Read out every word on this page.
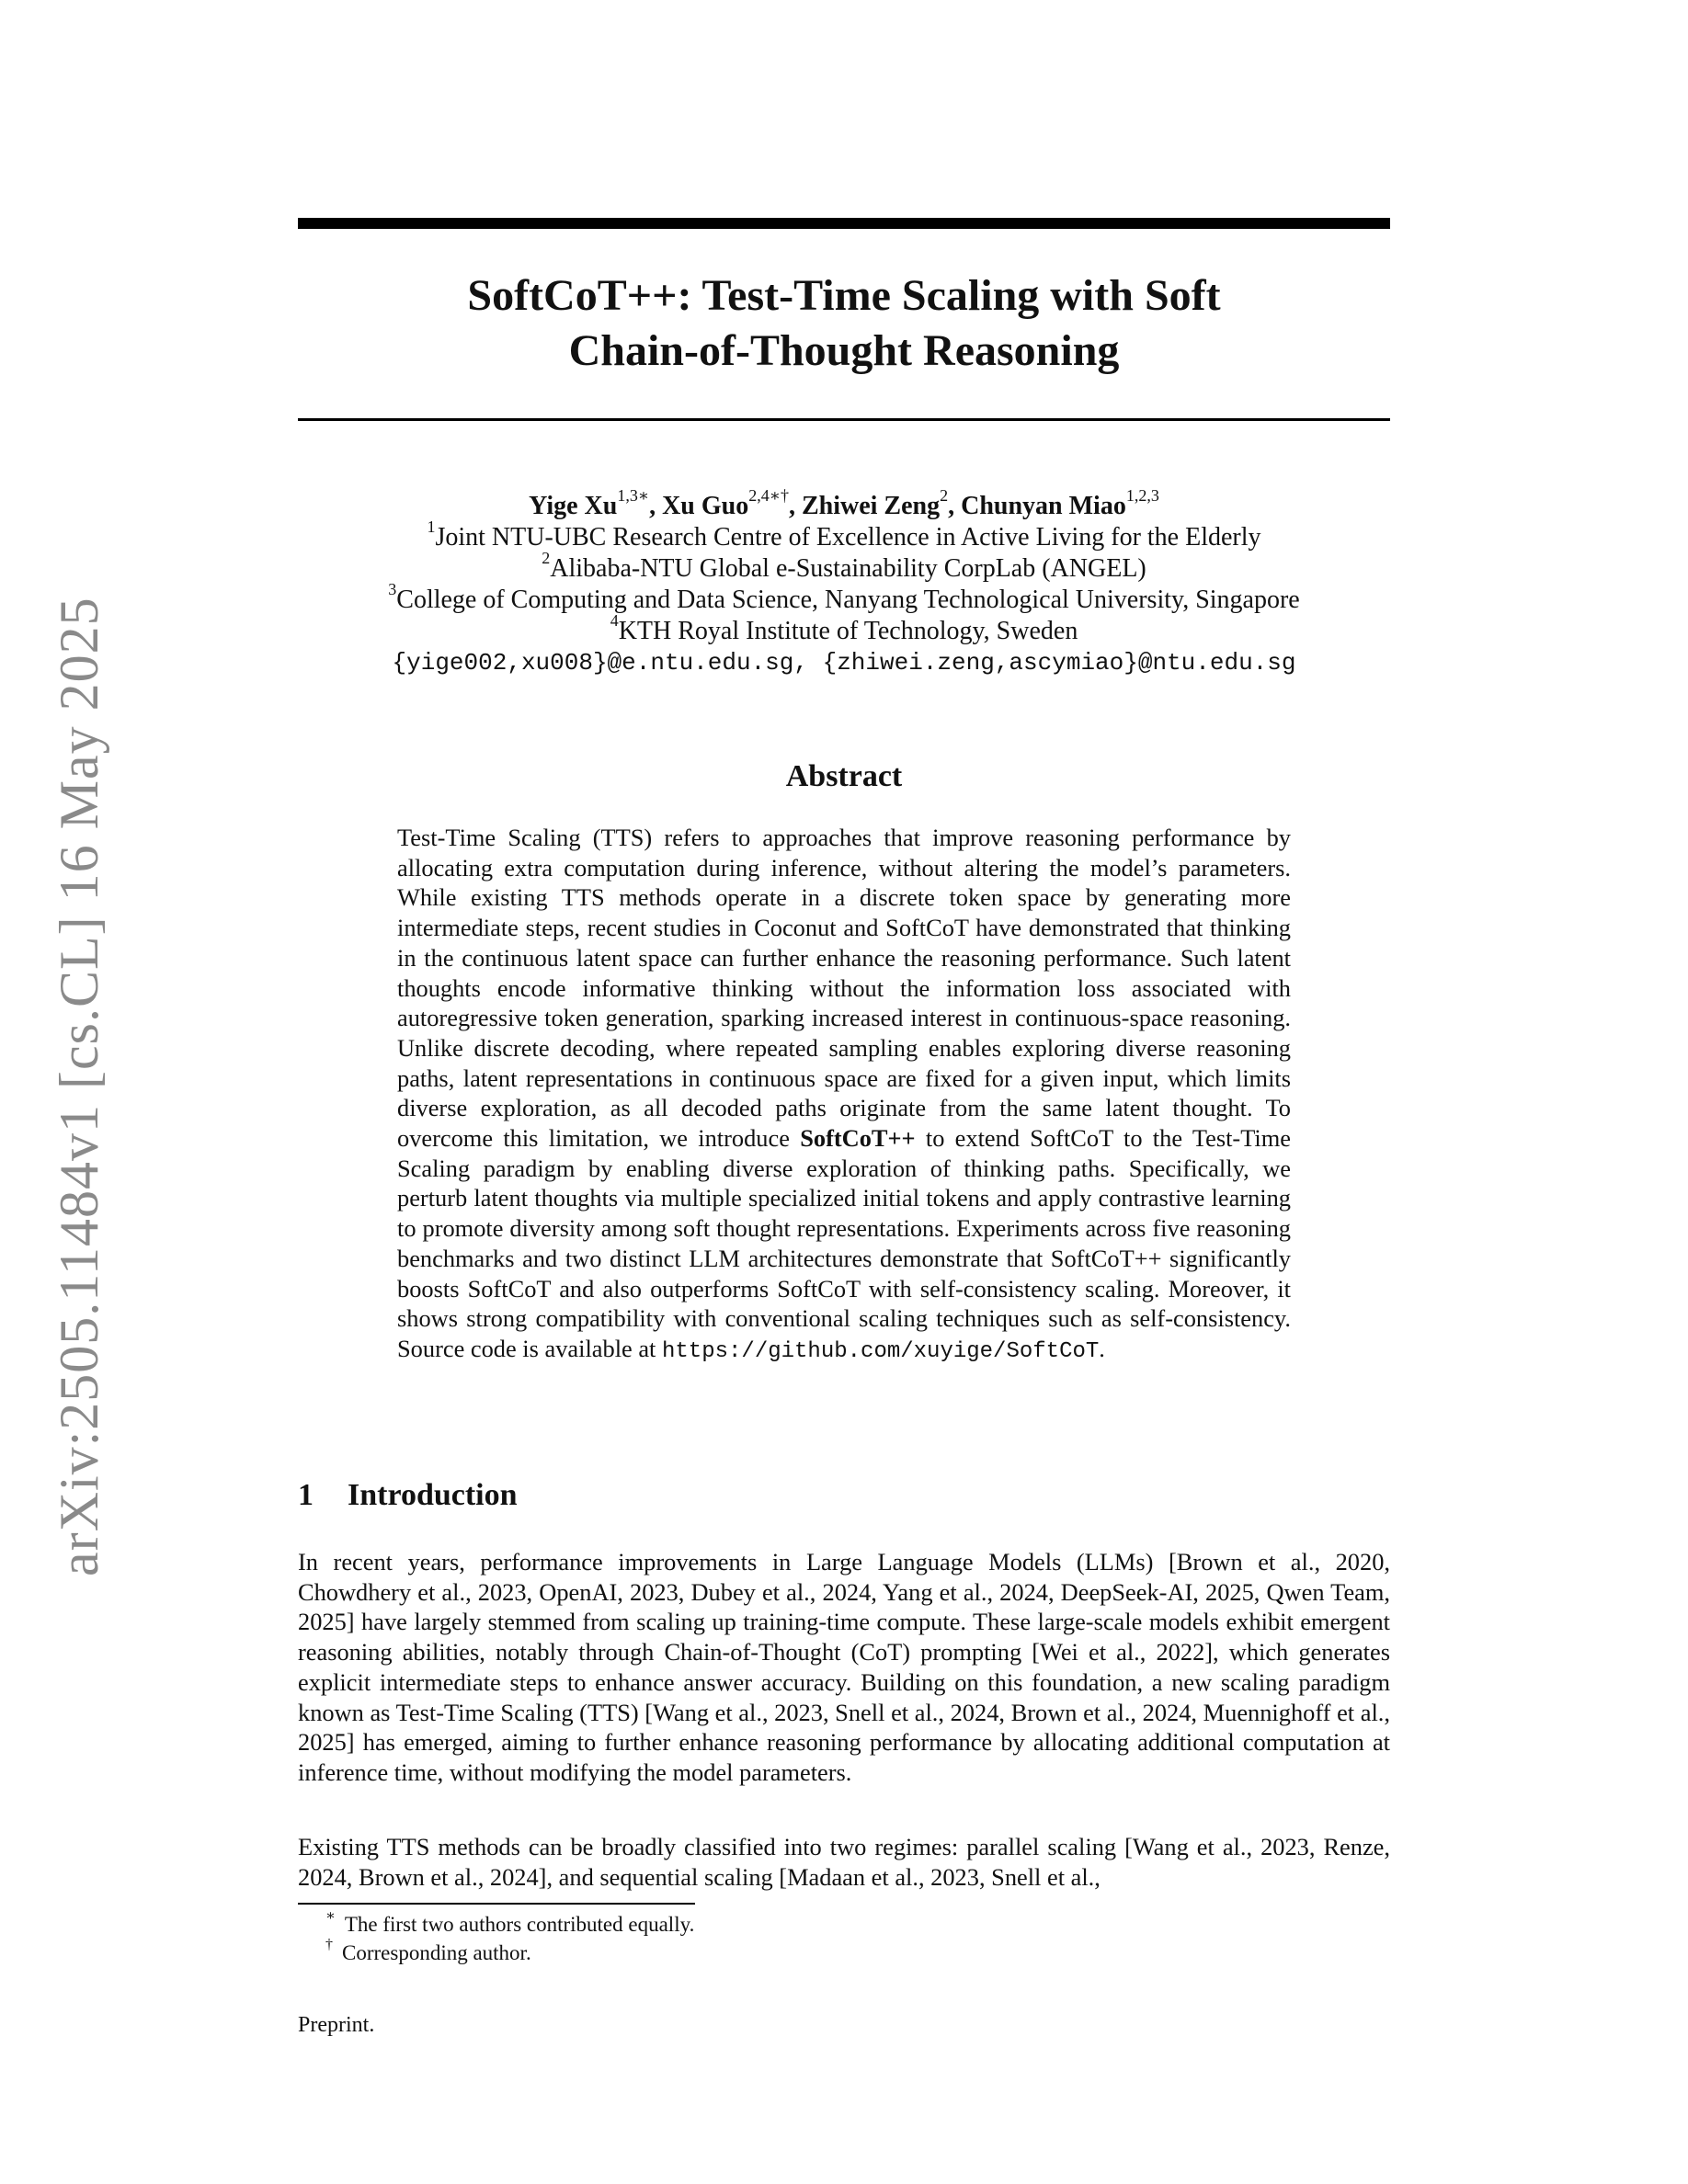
arXiv:2505.11484v1 [cs.CL] 16 May 2025
SoftCoT++: Test-Time Scaling with Soft
Chain-of-Thought Reasoning
Yige $Xu^{1,3∗}$, Xu Guo$^{2,4∗\dagger}$, Zhiwei Zeng$^2$, Chunyan Miao$^{1,2,3}$
$^1$Joint NTU-UBC Research Centre of Excellence in Active Living for the Elderly
$^2$Alibaba-NTU Global e-Sustainability CorpLab (ANGEL)
$^3$College of Computing and Data Science, Nanyang Technological University, Singapore
$^4$KTH Royal Institute of Technology, Sweden
{yige002,xu008}@e.ntu.edu.sg, {zhiwei.zeng,ascymiao}@ntu.edu.sg
Abstract
Test-Time Scaling (TTS) refers to approaches that improve reasoning performance by allocating extra computation during inference, without altering the model’s parameters. While existing TTS methods operate in a discrete token space by generating more intermediate steps, recent studies in Coconut and SoftCoT have demonstrated that thinking in the continuous latent space can further enhance the reasoning performance. Such latent thoughts encode informative thinking without the information loss associated with autoregressive token generation, sparking increased interest in continuous-space reasoning. Unlike discrete decoding, where repeated sampling enables exploring diverse reasoning paths, latent representations in continuous space are fixed for a given input, which limits diverse exploration, as all decoded paths originate from the same latent thought. To overcome this limitation, we introduce SoftCoT++ to extend SoftCoT to the Test-Time Scaling paradigm by enabling diverse exploration of thinking paths. Specifically, we perturb latent thoughts via multiple specialized initial tokens and apply contrastive learning to promote diversity among soft thought representations. Experiments across five reasoning benchmarks and two distinct LLM architectures demonstrate that SoftCoT++ significantly boosts SoftCoT and also outperforms SoftCoT with self-consistency scaling. Moreover, it shows strong compatibility with conventional scaling techniques such as self-consistency. Source code is available at https://github.com/xuyige/SoftCoT.
1 Introduction

In recent years, performance improvements in Large Language Models (LLMs) [Brown et al., 2020, Chowdhery et al., 2023, OpenAI, 2023, Dubey et al., 2024, Yang et al., 2024, DeepSeek-AI, 2025, Qwen Team, 2025] have largely stemmed from scaling up training-time compute. These large-scale models exhibit emergent reasoning abilities, notably through Chain-of-Thought (CoT) prompting [Wei et al., 2022], which generates explicit intermediate steps to enhance answer accuracy. Building on this foundation, a new scaling paradigm known as Test-Time Scaling (TTS) [Wang et al., 2023, Snell et al., 2024, Brown et al., 2024, Muennighoff et al., 2025] has emerged, aiming to further enhance reasoning performance by allocating additional computation at inference time, without modifying the model parameters.

Existing TTS methods can be broadly classified into two regimes: parallel scaling [Wang et al., 2023, Renze, 2024, Brown et al., 2024], and sequential scaling [Madaan et al., 2023, Snell et al.,

∗ The first two authors contributed equally.
† Corresponding author.
Preprint.
